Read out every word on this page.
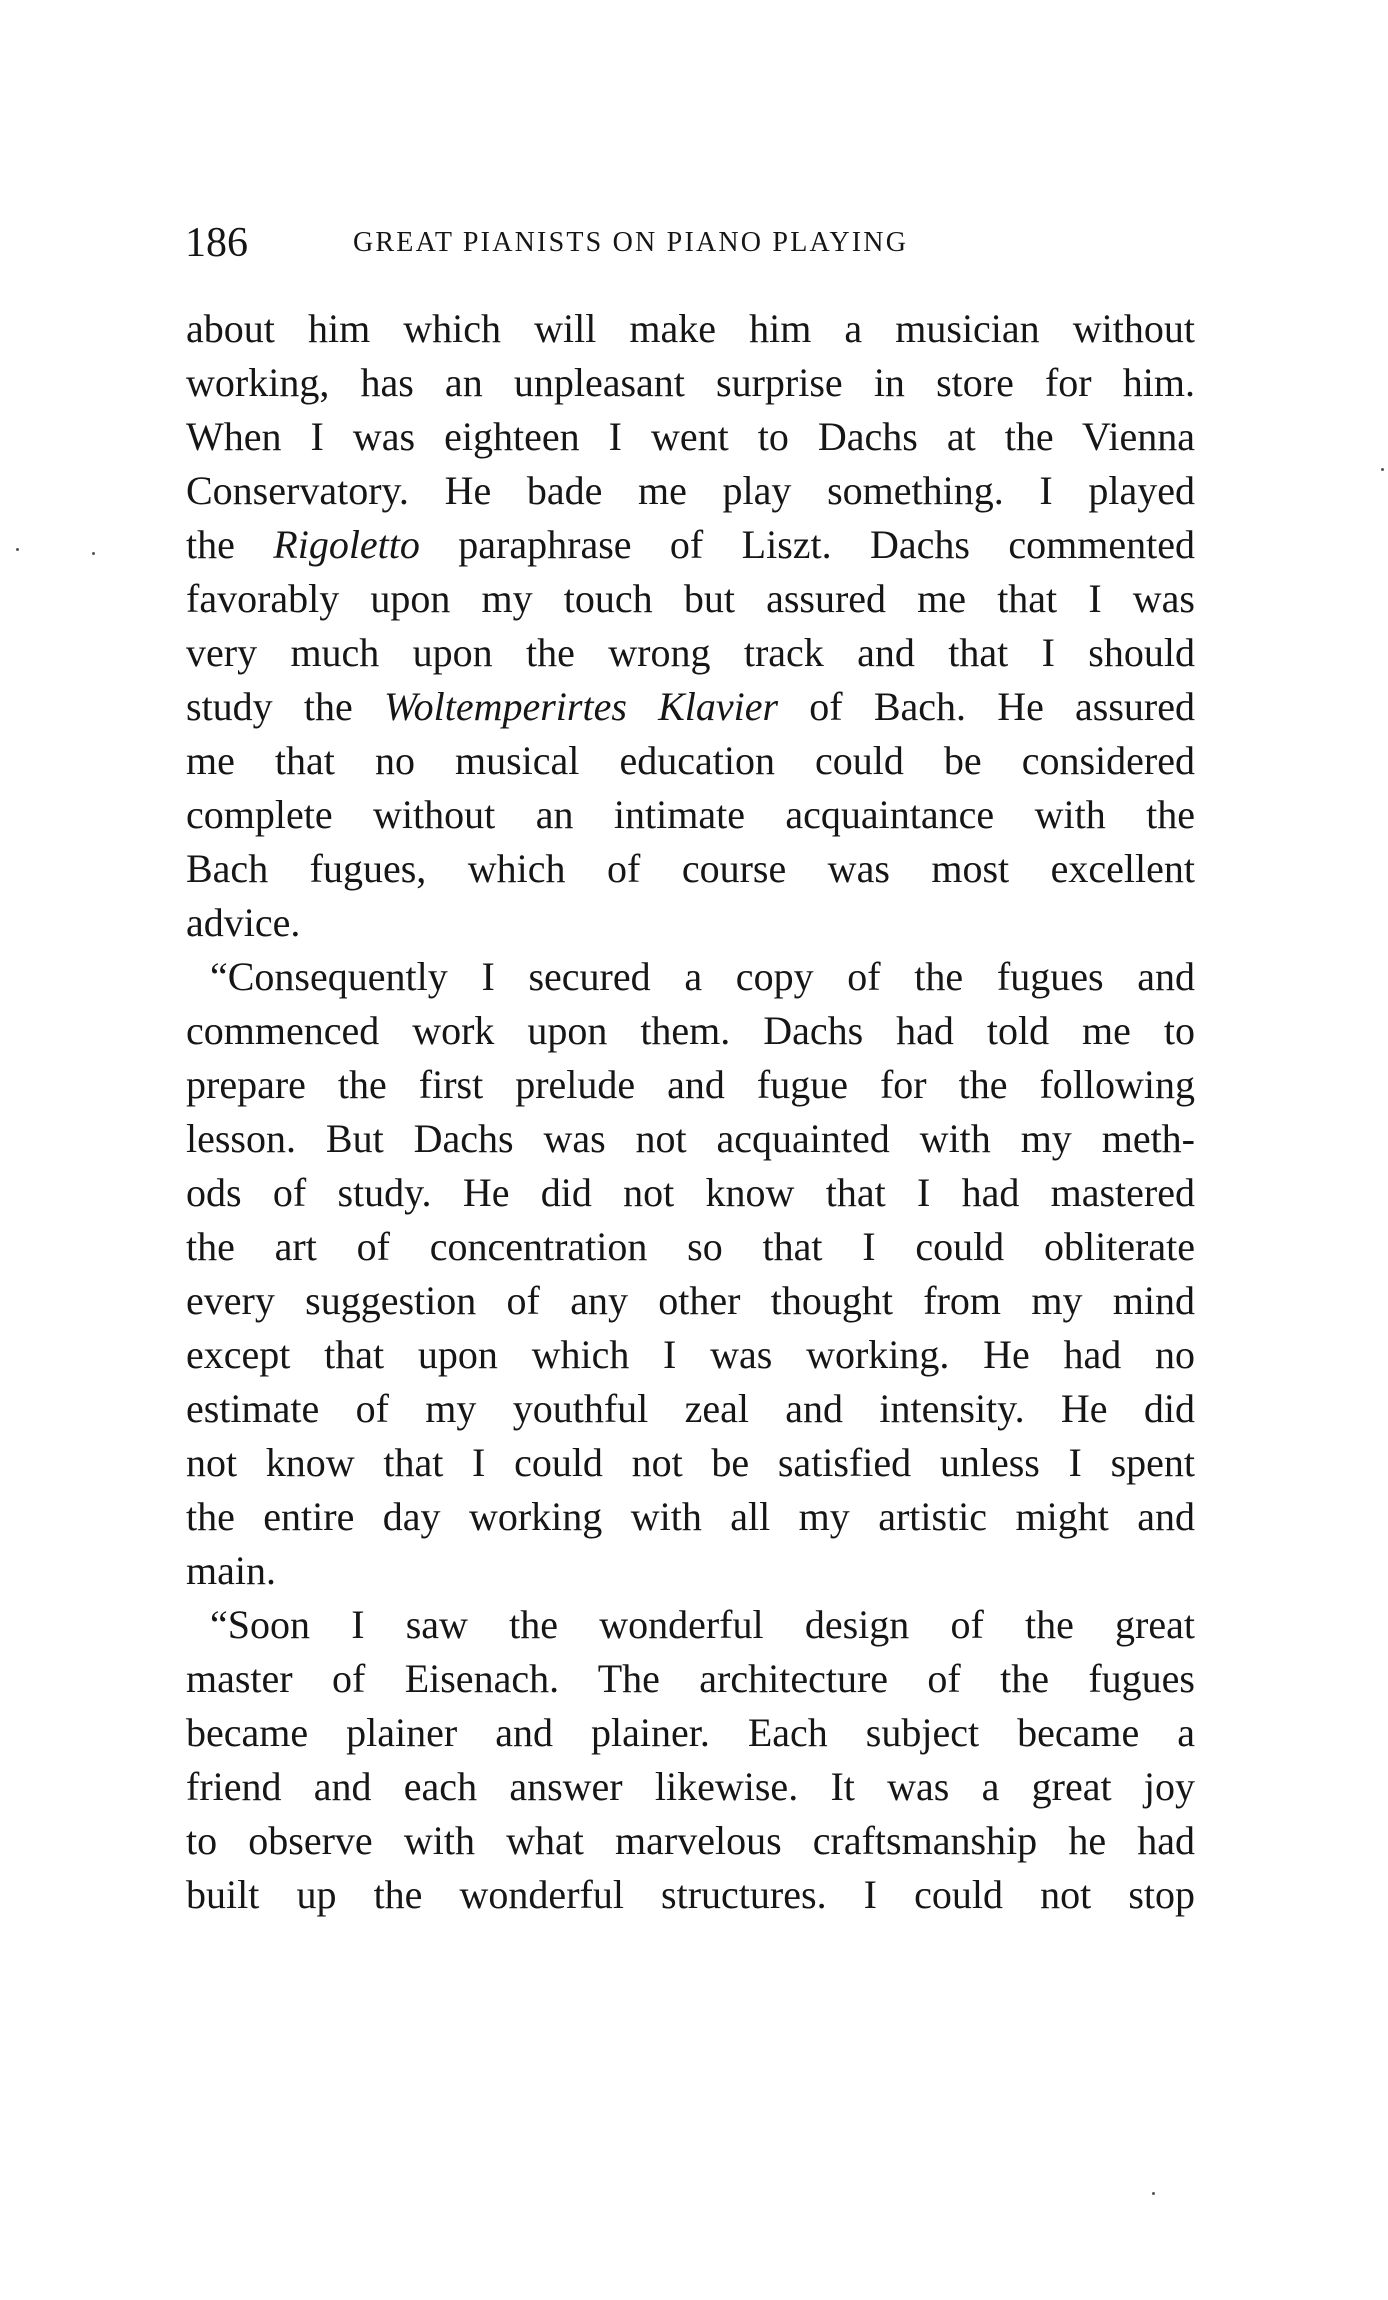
186	GREAT PIANISTS ON PIANO PLAYING
about him which will make him a musician without
working, has an unpleasant surprise in store for him.
When I was eighteen I went to Dachs at the Vienna
Conservatory. He bade me play something. I played
the Rigoletto paraphrase of Liszt. Dachs commented
favorably upon my touch but assured me that I was
very much upon the wrong track and that I should
study the Woltemperirtes Klavier of Bach. He assured
me that no musical education could be considered
complete without an intimate acquaintance with the
Bach fugues, which of course was most excellent
advice.
“Consequently I secured a copy of the fugues and
commenced work upon them. Dachs had told me to
prepare the first prelude and fugue for the following
lesson. But Dachs was not acquainted with my meth-
ods of study. He did not know that I had mastered
the art of concentration so that I could obliterate
every suggestion of any other thought from my mind
except that upon which I was working. He had no
estimate of my youthful zeal and intensity. He did
not know that I could not be satisfied unless I spent
the entire day working with all my artistic might and
main.
“Soon I saw the wonderful design of the great
master of Eisenach. The architecture of the fugues
became plainer and plainer. Each subject became a
friend and each answer likewise. It was a great joy
to observe with what marvelous craftsmanship he had
built up the wonderful structures. I could not stop
